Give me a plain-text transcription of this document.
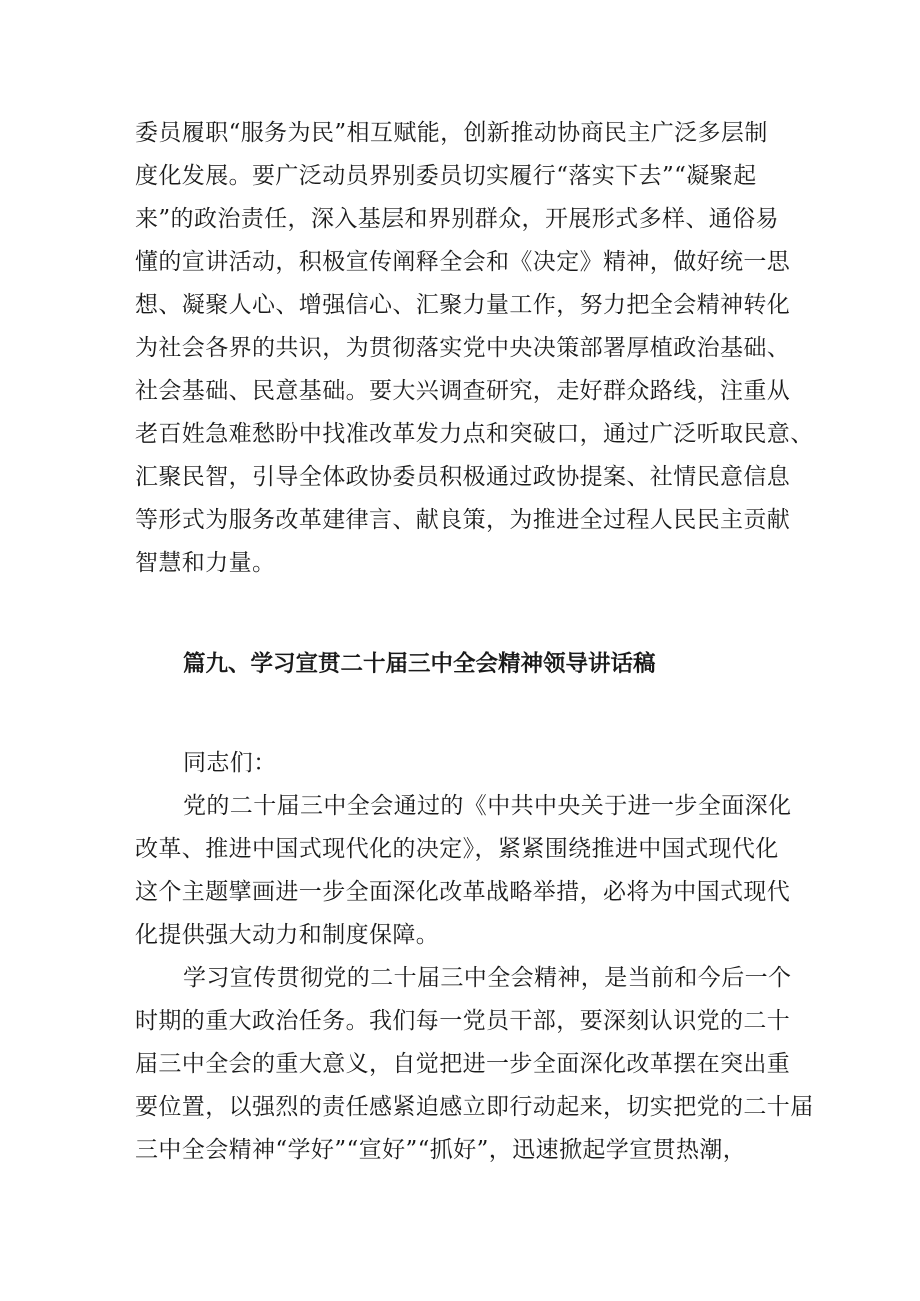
委员履职“服务为民”相互赋能，创新推动协商民主广泛多层制
度化发展。要广泛动员界别委员切实履行“落实下去”“凝聚起
来”的政治责任，深入基层和界别群众，开展形式多样、通俗易
懂的宣讲活动，积极宣传阐释全会和《决定》精神，做好统一思
想、凝聚人心、增强信心、汇聚力量工作，努力把全会精神转化
为社会各界的共识，为贯彻落实党中央决策部署厚植政治基础、
社会基础、民意基础。要大兴调查研究，走好群众路线，注重从
老百姓急难愁盼中找准改革发力点和突破口，通过广泛听取民意、
汇聚民智，引导全体政协委员积极通过政协提案、社情民意信息
等形式为服务改革建律言、献良策，为推进全过程人民民主贡献
智慧和力量。
篇九、学习宣贯二十届三中全会精神领导讲话稿
同志们：
党的二十届三中全会通过的《中共中央关于进一步全面深化
改革、推进中国式现代化的决定》，紧紧围绕推进中国式现代化
这个主题擘画进一步全面深化改革战略举措，必将为中国式现代
化提供强大动力和制度保障。
学习宣传贯彻党的二十届三中全会精神，是当前和今后一个
时期的重大政治任务。我们每一党员干部，要深刻认识党的二十
届三中全会的重大意义，自觉把进一步全面深化改革摆在突出重
要位置，以强烈的责任感紧迫感立即行动起来，切实把党的二十届
三中全会精神“学好”“宣好”“抓好”，迅速掀起学宣贯热潮，
